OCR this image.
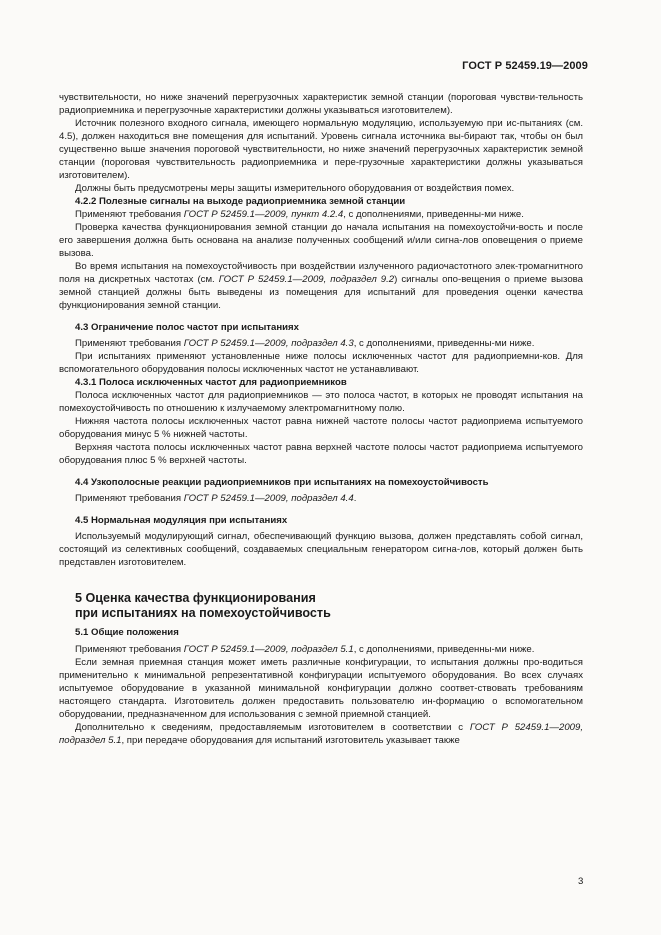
ГОСТ Р 52459.19—2009

чувствительности, но ниже значений перегрузочных характеристик земной станции (пороговая чувстви-тельность радиоприемника и перегрузочные характеристики должны указываться изготовителем).

Источник полезного входного сигнала, имеющего нормальную модуляцию, используемую при ис-пытаниях (см. 4.5), должен находиться вне помещения для испытаний. Уровень сигнала источника вы-бирают так, чтобы он был существенно выше значения пороговой чувствительности, но ниже значений перегрузочных характеристик земной станции (пороговая чувствительность радиоприемника и пере-грузочные характеристики должны указываться изготовителем).

Должны быть предусмотрены меры защиты измерительного оборудования от воздействия помех.

4.2.2 Полезные сигналы на выходе радиоприемника земной станции

Применяют требования ГОСТ Р 52459.1—2009, пункт 4.2.4, с дополнениями, приведенны-ми ниже.

Проверка качества функционирования земной станции до начала испытания на помехоустойчи-вость и после его завершения должна быть основана на анализе полученных сообщений и/или сигна-лов оповещения о приеме вызова.

Во время испытания на помехоустойчивость при воздействии излученного радиочастотного элек-тромагнитного поля на дискретных частотах (см. ГОСТ Р 52459.1—2009, подраздел 9.2) сигналы опо-вещения о приеме вызова земной станцией должны быть выведены из помещения для испытаний для проведения оценки качества функционирования земной станции.

4.3 Ограничение полос частот при испытаниях

Применяют требования ГОСТ Р 52459.1—2009, подраздел 4.3, с дополнениями, приведенны-ми ниже.

При испытаниях применяют установленные ниже полосы исключенных частот для радиоприемни-ков. Для вспомогательного оборудования полосы исключенных частот не устанавливают.

4.3.1 Полоса исключенных частот для радиоприемников

Полоса исключенных частот для радиоприемников — это полоса частот, в которых не проводят испытания на помехоустойчивость по отношению к излучаемому электромагнитному полю.

Нижняя частота полосы исключенных частот равна нижней частоте полосы частот радиоприема испытуемого оборудования минус 5 % нижней частоты.

Верхняя частота полосы исключенных частот равна верхней частоте полосы частот радиоприема испытуемого оборудования плюс 5 % верхней частоты.

4.4 Узкополосные реакции радиоприемников при испытаниях на помехоустойчивость

Применяют требования ГОСТ Р 52459.1—2009, подраздел 4.4.

4.5 Нормальная модуляция при испытаниях

Используемый модулирующий сигнал, обеспечивающий функцию вызова, должен представлять собой сигнал, состоящий из селективных сообщений, создаваемых специальным генератором сигна-лов, который должен быть представлен изготовителем.

5 Оценка качества функционирования
при испытаниях на помехоустойчивость

5.1 Общие положения

Применяют требования ГОСТ Р 52459.1—2009, подраздел 5.1, с дополнениями, приведенны-ми ниже.

Если земная приемная станция может иметь различные конфигурации, то испытания должны про-водиться применительно к минимальной репрезентативной конфигурации испытуемого оборудования. Во всех случаях испытуемое оборудование в указанной минимальной конфигурации должно соответ-ствовать требованиям настоящего стандарта. Изготовитель должен предоставить пользователю ин-формацию о вспомогательном оборудовании, предназначенном для использования с земной приемной станцией.

Дополнительно к сведениям, предоставляемым изготовителем в соответствии с ГОСТ Р 52459.1—2009, подраздел 5.1, при передаче оборудования для испытаний изготовитель указывает также

3
